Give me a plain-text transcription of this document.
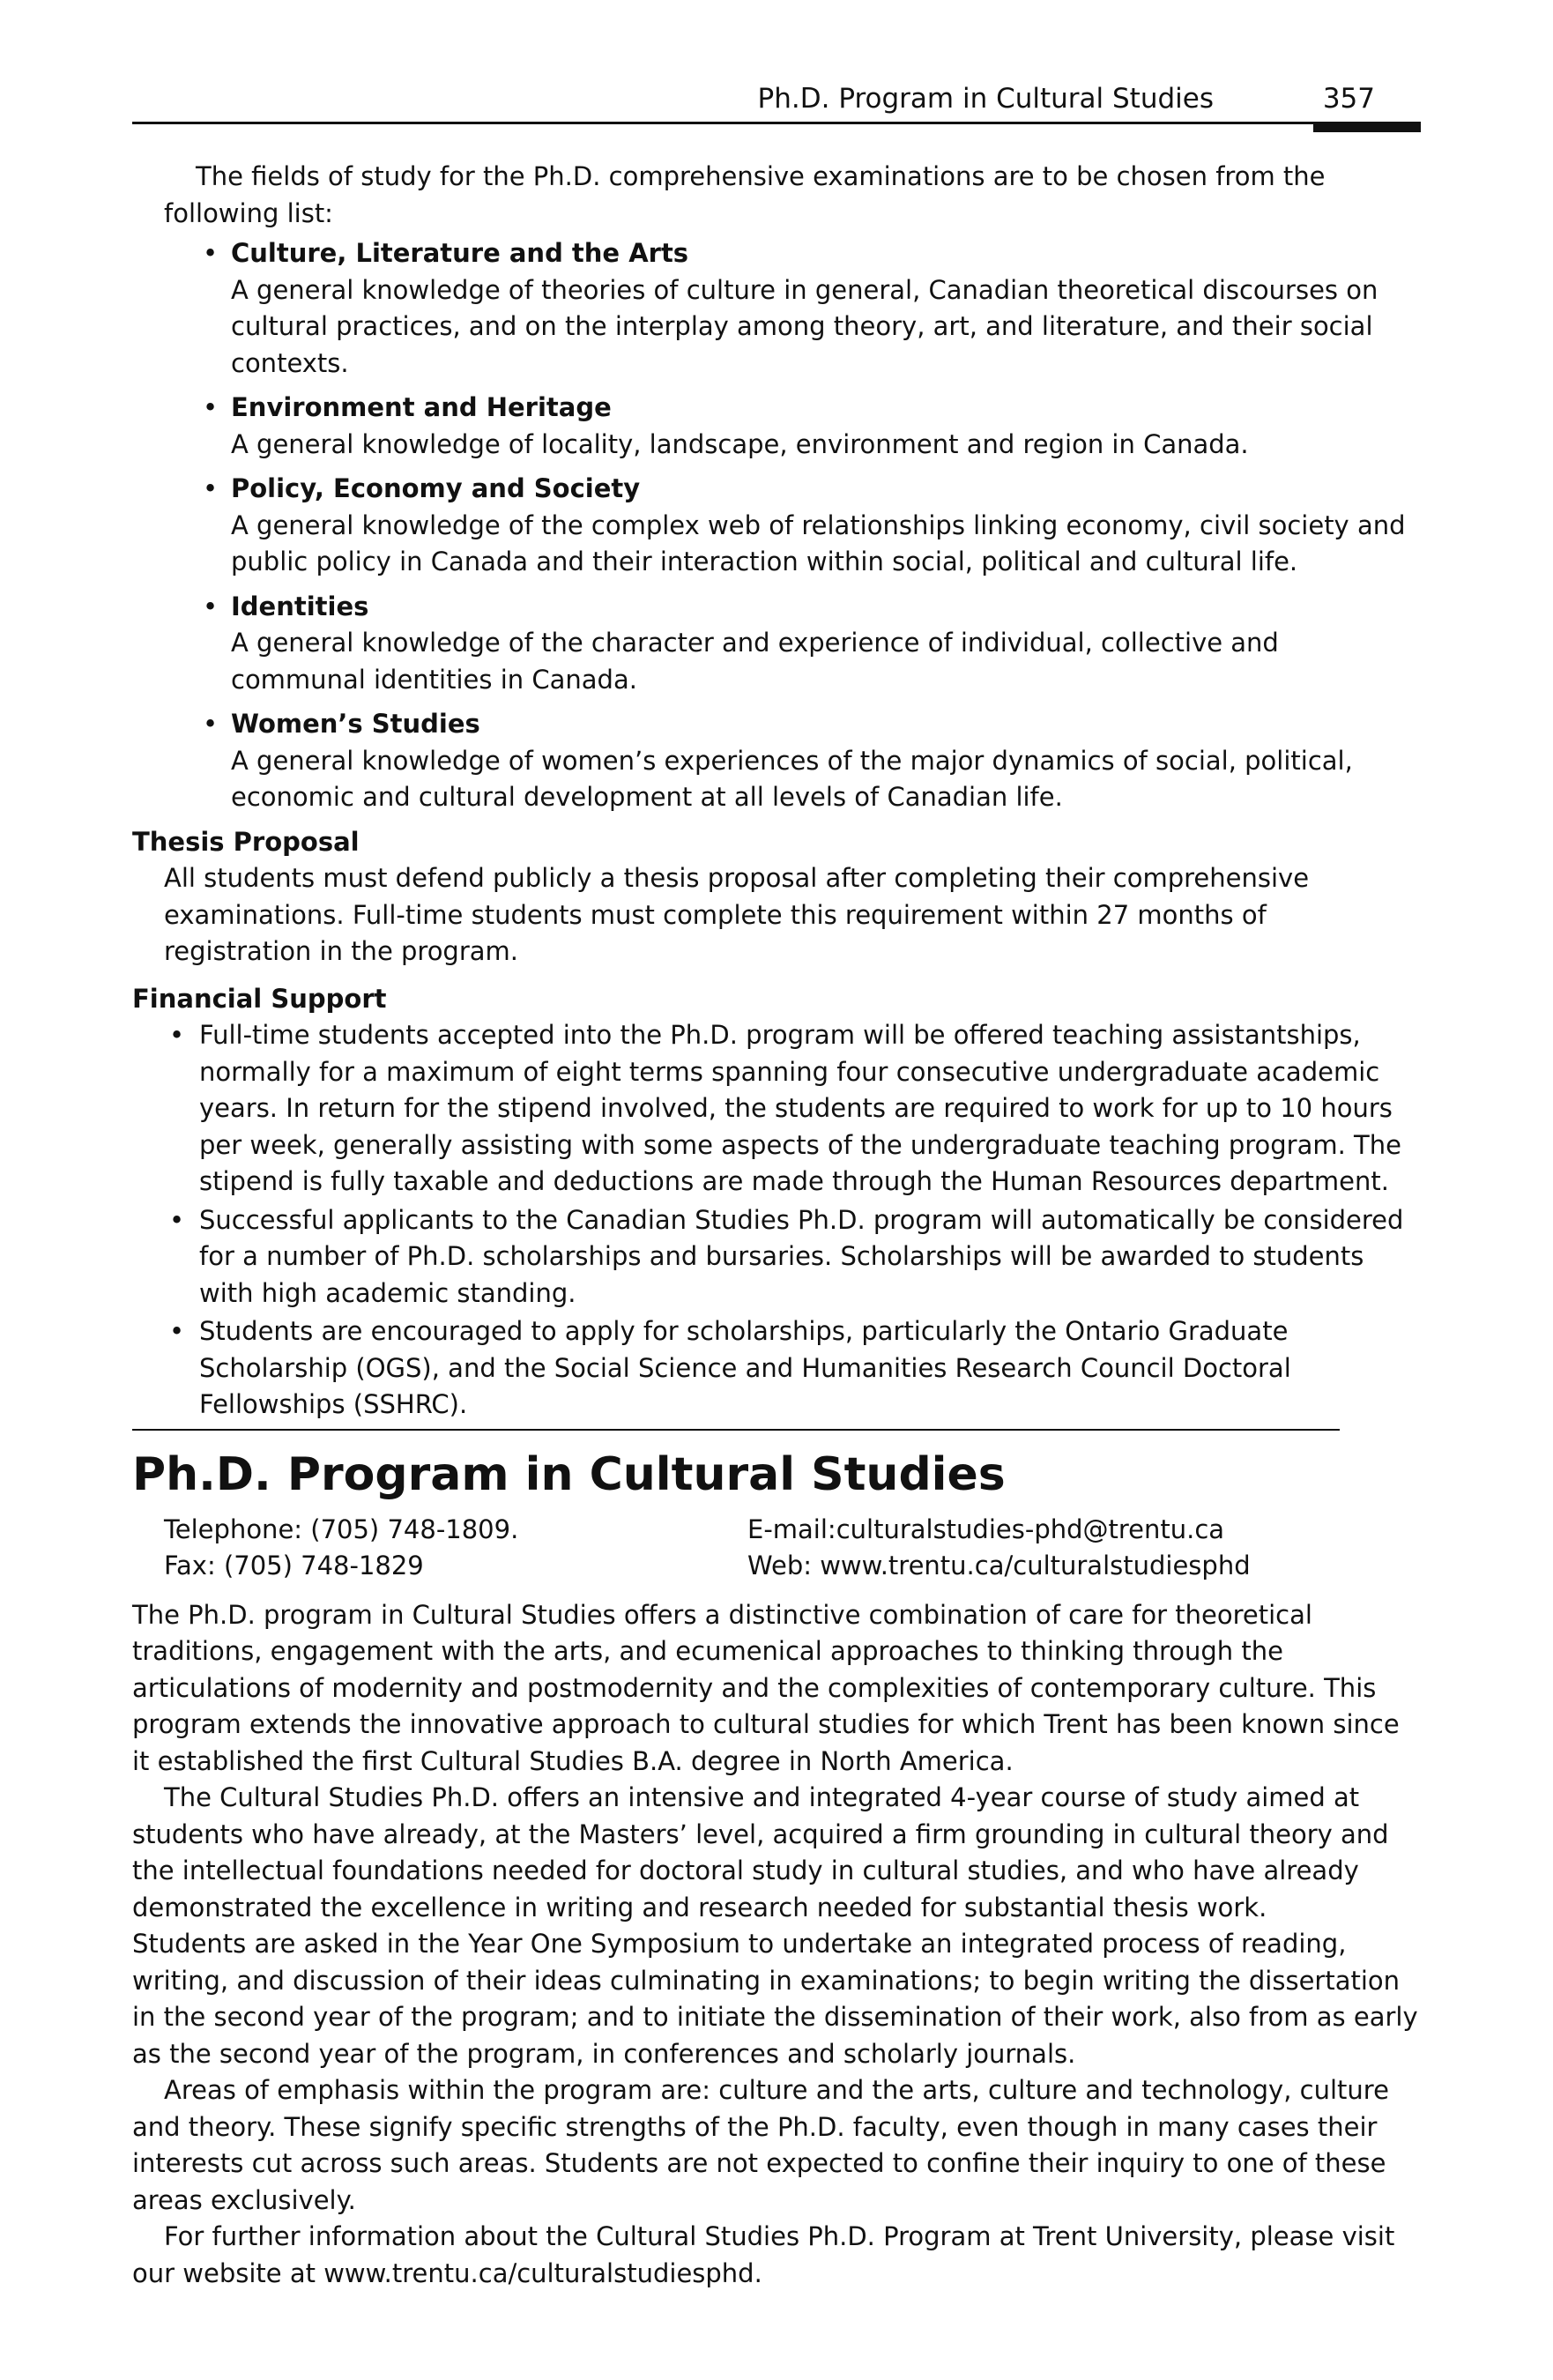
Ph.D. Program in Cultural Studies	357

The fields of study for the Ph.D. comprehensive examinations are to be chosen from the following list:

• Culture, Literature and the Arts
A general knowledge of theories of culture in general, Canadian theoretical discourses on cultural practices, and on the interplay among theory, art, and literature, and their social contexts.
• Environment and Heritage
A general knowledge of locality, landscape, environment and region in Canada.
• Policy, Economy and Society
A general knowledge of the complex web of relationships linking economy, civil society and public policy in Canada and their interaction within social, political and cultural life.
• Identities
A general knowledge of the character and experience of individual, collective and communal identities in Canada.
• Women’s Studies
A general knowledge of women’s experiences of the major dynamics of social, political, economic and cultural development at all levels of Canadian life.
Thesis Proposal

All students must defend publicly a thesis proposal after completing their comprehensive examinations. Full-time students must complete this requirement within 27 months of registration in the program.

Financial Support
• Full-time students accepted into the Ph.D. program will be offered teaching assistantships, normally for a maximum of eight terms spanning four consecutive undergraduate academic years. In return for the stipend involved, the students are required to work for up to 10 hours per week, generally assisting with some aspects of the undergraduate teaching program. The stipend is fully taxable and deductions are made through the Human Resources department.
• Successful applicants to the Canadian Studies Ph.D. program will automatically be considered for a number of Ph.D. scholarships and bursaries. Scholarships will be awarded to students with high academic standing.
• Students are encouraged to apply for scholarships, particularly the Ontario Graduate Scholarship (OGS), and the Social Science and Humanities Research Council Doctoral Fellowships (SSHRC).
Ph.D. Program in Cultural Studies
Telephone: (705) 748-1809.	E-mail:culturalstudies-phd@trentu.ca
Fax: (705) 748-1829	Web: www.trentu.ca/culturalstudiesphd

The Ph.D. program in Cultural Studies offers a distinctive combination of care for theoretical traditions, engagement with the arts, and ecumenical approaches to thinking through the articulations of modernity and postmodernity and the complexities of contemporary culture. This program extends the innovative approach to cultural studies for which Trent has been known since it established the first Cultural Studies B.A. degree in North America.

The Cultural Studies Ph.D. offers an intensive and integrated 4-year course of study aimed at students who have already, at the Masters’ level, acquired a firm grounding in cultural theory and the intellectual foundations needed for doctoral study in cultural studies, and who have already demonstrated the excellence in writing and research needed for substantial thesis work.

Students are asked in the Year One Symposium to undertake an integrated process of reading, writing, and discussion of their ideas culminating in examinations; to begin writing the dissertation in the second year of the program; and to initiate the dissemination of their work, also from as early as the second year of the program, in conferences and scholarly journals.

Areas of emphasis within the program are: culture and the arts, culture and technology, culture and theory. These signify specific strengths of the Ph.D. faculty, even though in many cases their interests cut across such areas. Students are not expected to confine their inquiry to one of these areas exclusively.

For further information about the Cultural Studies Ph.D. Program at Trent University, please visit our website at www.trentu.ca/culturalstudiesphd.
